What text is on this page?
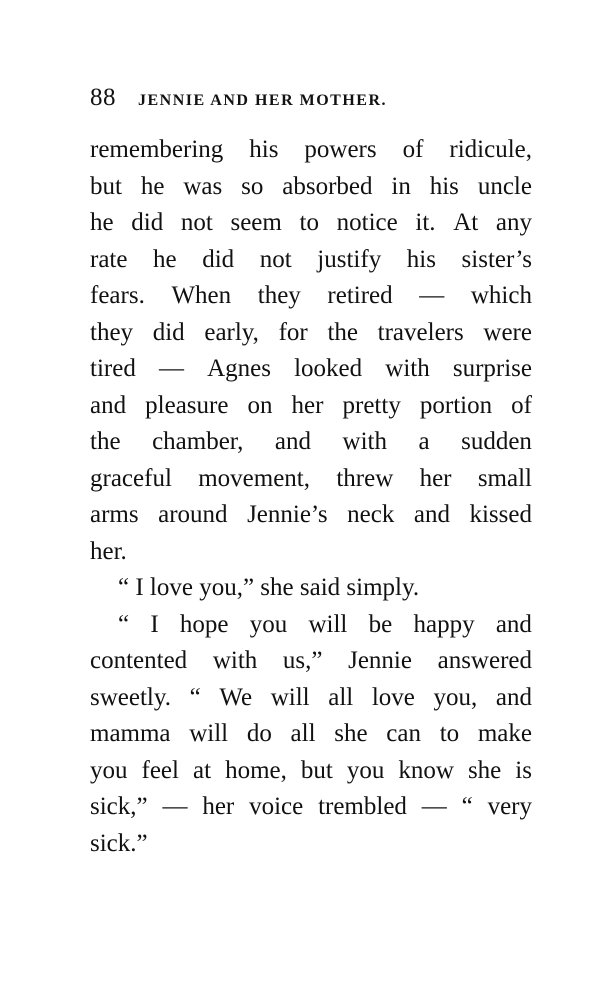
88 JENNIE AND HER MOTHER.
remembering his powers of ridicule,
but he was so absorbed in his uncle
he did not seem to notice it. At any
rate he did not justify his sister’s
fears. When they retired — which
they did early, for the travelers were
tired — Agnes looked with surprise
and pleasure on her pretty portion of
the chamber, and with a sudden
graceful movement, threw her small
arms around Jennie’s neck and kissed
her.
“ I love you,” she said simply.
“ I hope you will be happy and
contented with us,” Jennie answered
sweetly. “ We will all love you, and
mamma will do all she can to make
you feel at home, but you know she is
sick,” — her voice trembled — “ very
sick.”
